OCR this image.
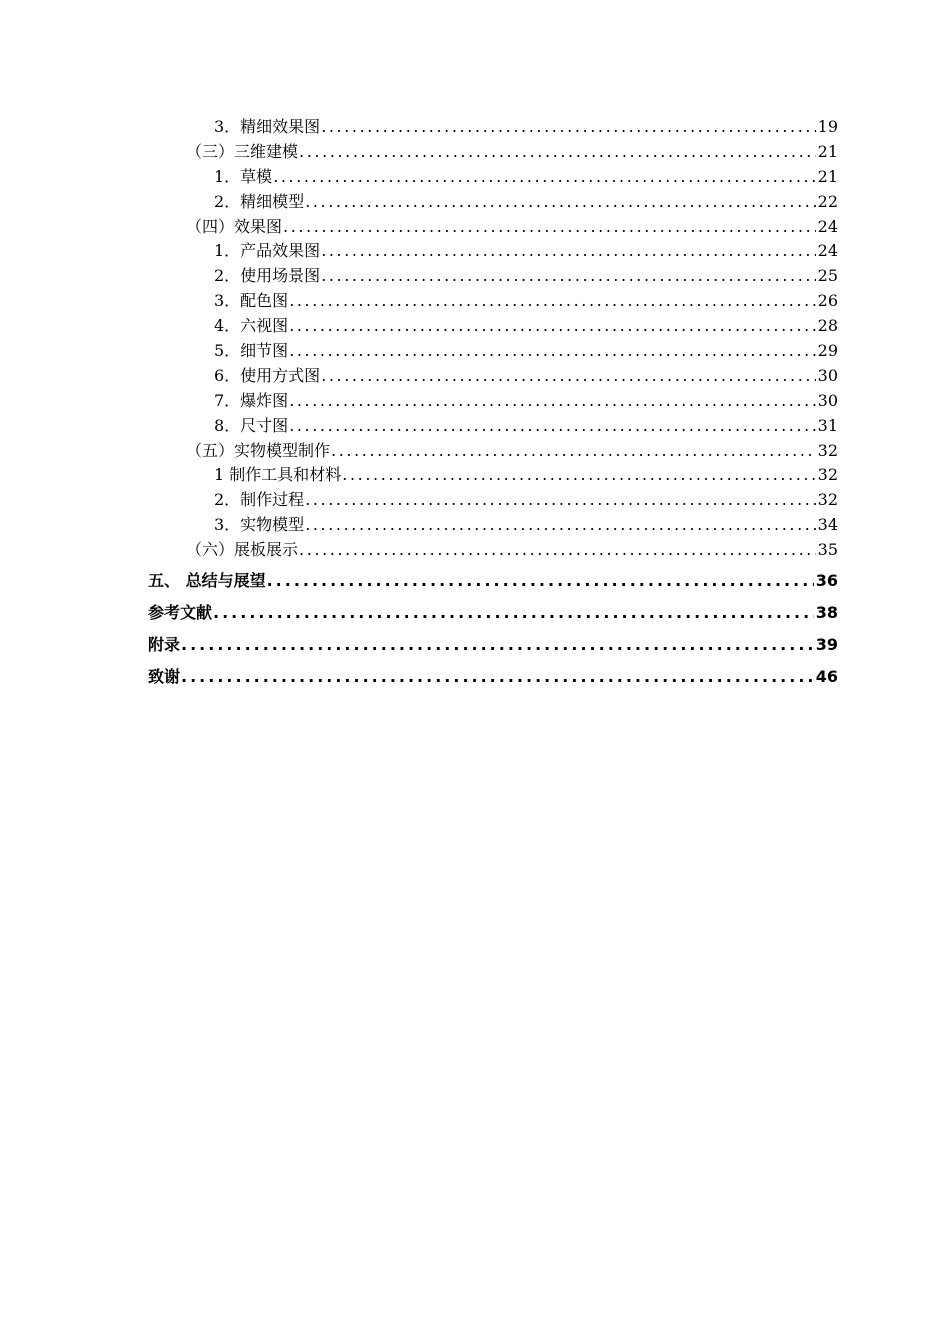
3．精细效果图 .....	19
（三）三维建模 .....	21
1．草模 .....	21
2．精细模型 .....	22
（四）效果图 .....	24
1．产品效果图 .....	24
2．使用场景图 .....	25
3．配色图 .....	26
4．六视图 .....	28
5．细节图 .....	29
6．使用方式图 .....	30
7．爆炸图 .....	30
8．尺寸图 .....	31
（五）实物模型制作 .....	32
1 制作工具和材料 .....	32
2．制作过程 .....	32
3．实物模型 .....	34
（六）展板展示 .....	35
五、 总结与展望 .....	36
参考文献 .....	38
附录 .....	39
致谢 .....	46
